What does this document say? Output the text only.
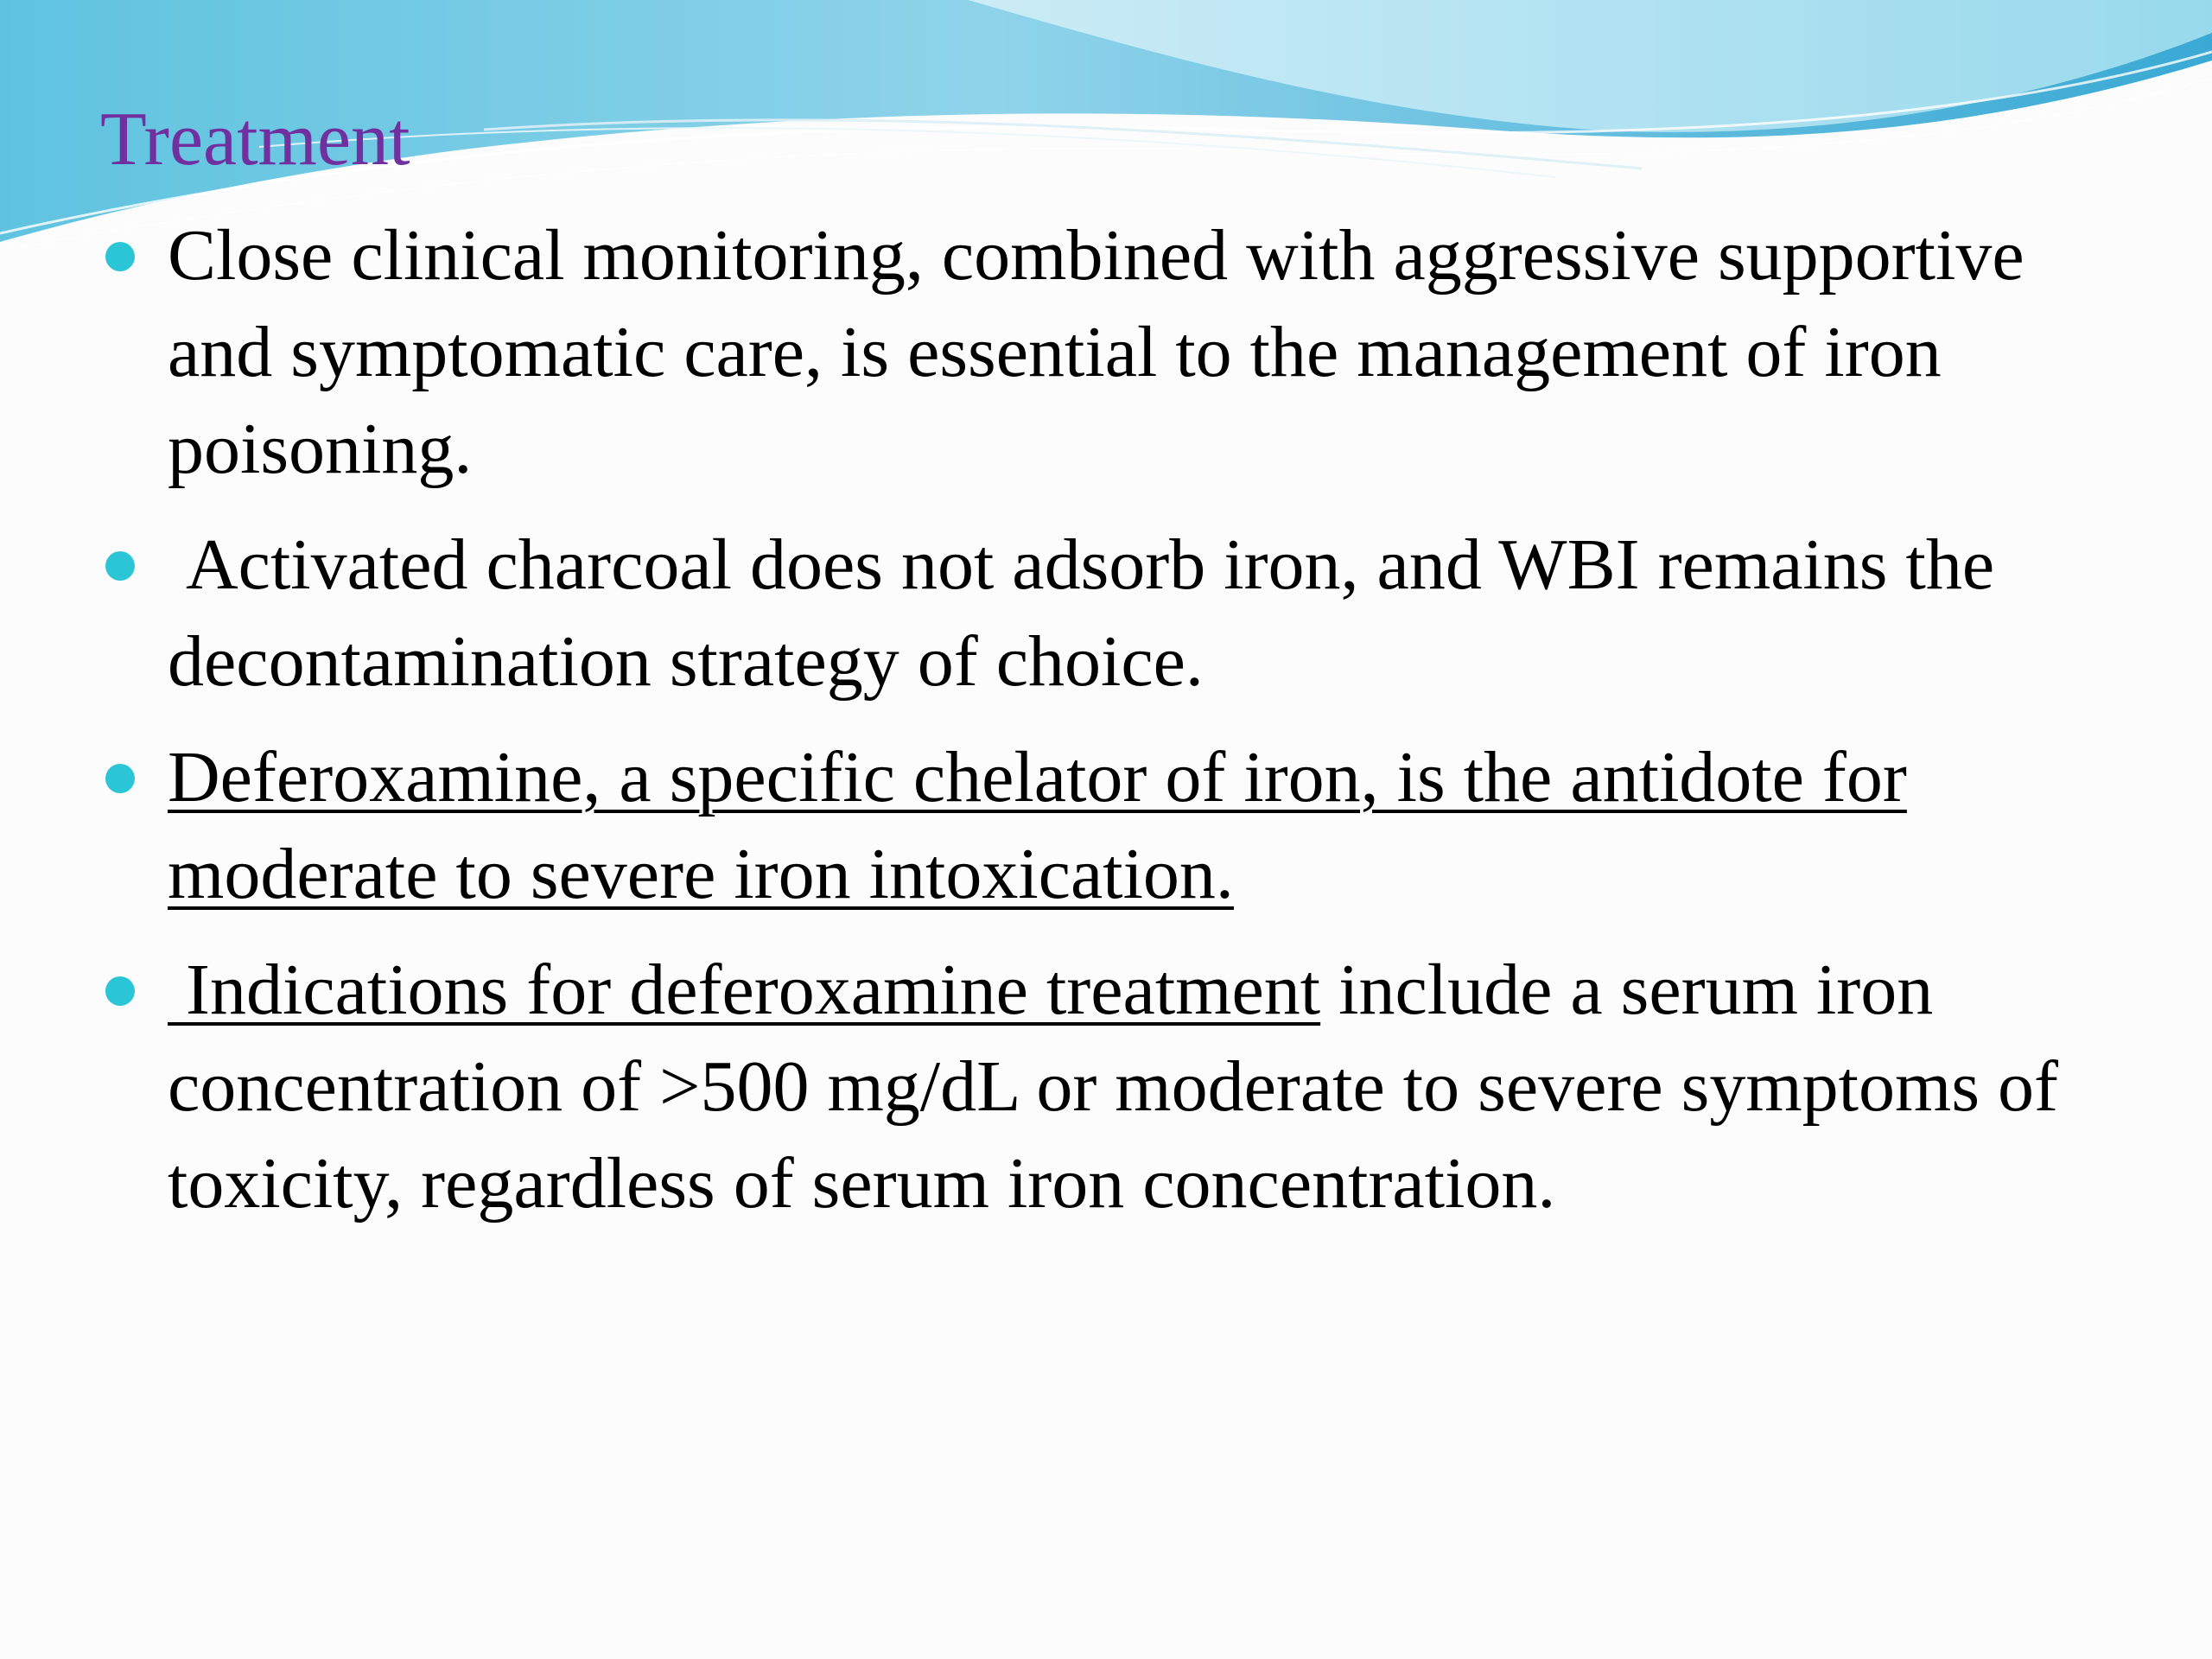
Treatment
Close clinical monitoring, combined with aggressive supportive and symptomatic care, is essential to the management of iron poisoning.
Activated charcoal does not adsorb iron, and WBI remains the decontamination strategy of choice.
Deferoxamine, a specific chelator of iron, is the antidote for moderate to severe iron intoxication.
Indications for deferoxamine treatment include a serum iron concentration of >500 mg/dL or moderate to severe symptoms of toxicity, regardless of serum iron concentration.
